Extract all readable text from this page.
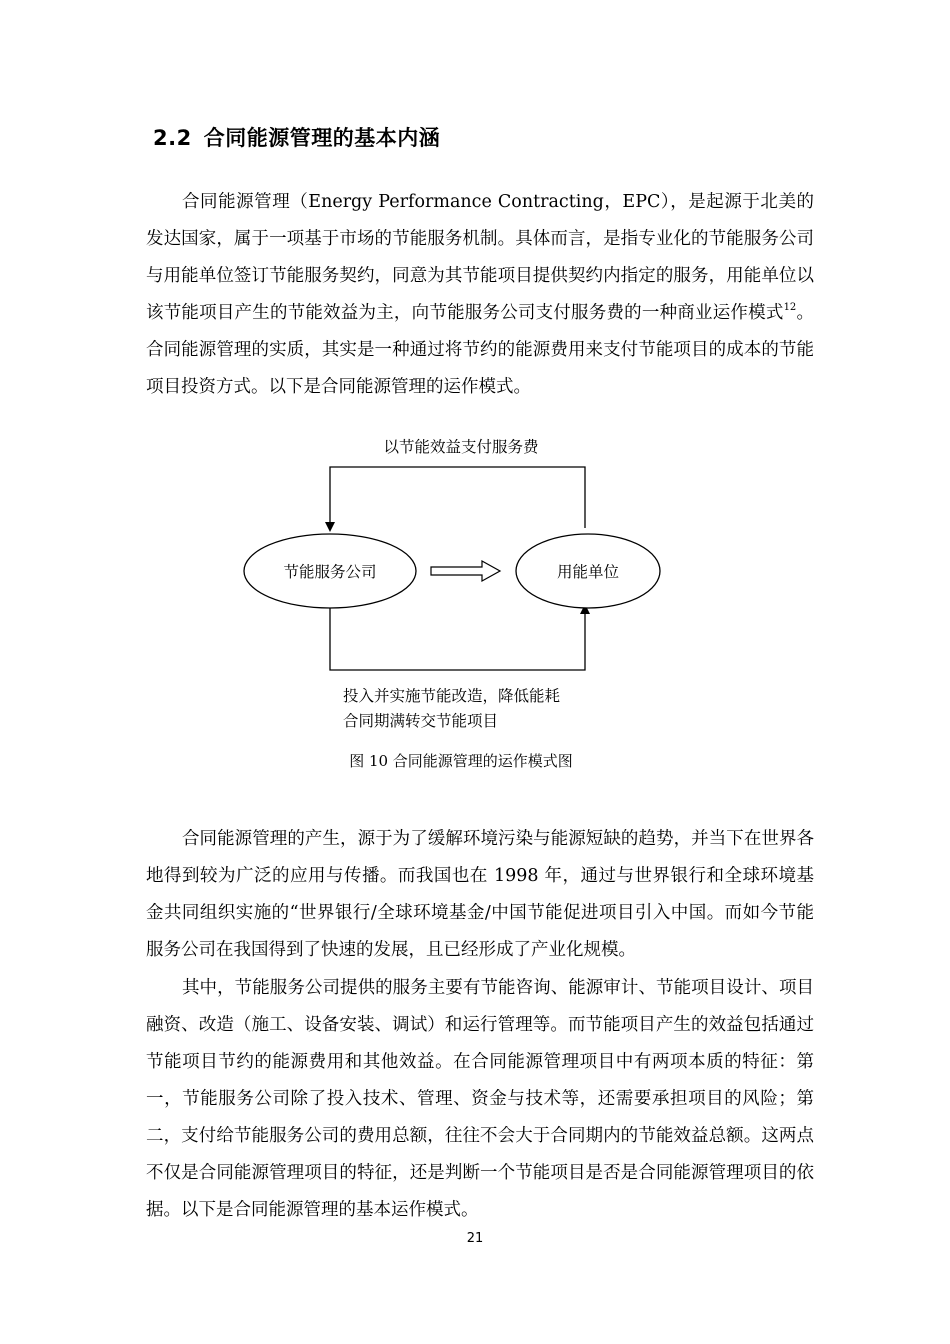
2.2 合同能源管理的基本内涵
合同能源管理（Energy Performance Contracting，EPC），是起源于北美的发达国家，属于一项基于市场的节能服务机制。具体而言，是指专业化的节能服务公司与用能单位签订节能服务契约，同意为其节能项目提供契约内指定的服务，用能单位以该节能项目产生的节能效益为主，向节能服务公司支付服务费的一种商业运作模式$^{12}$。合同能源管理的实质，其实是一种通过将节约的能源费用来支付节能项目的成本的节能项目投资方式。以下是合同能源管理的运作模式。
以节能效益支付服务费
节能服务公司	用能单位
投入并实施节能改造，降低能耗
合同期满转交节能项目
图 10 合同能源管理的运作模式图
合同能源管理的产生，源于为了缓解环境污染与能源短缺的趋势，并当下在世界各地得到较为广泛的应用与传播。而我国也在 1998 年，通过与世界银行和全球环境基金共同组织实施的“世界银行/全球环境基金/中国节能促进项目引入中国。而如今节能服务公司在我国得到了快速的发展，且已经形成了产业化规模。
其中，节能服务公司提供的服务主要有节能咨询、能源审计、节能项目设计、项目融资、改造（施工、设备安装、调试）和运行管理等。而节能项目产生的效益包括通过节能项目节约的能源费用和其他效益。在合同能源管理项目中有两项本质的特征：第一，节能服务公司除了投入技术、管理、资金与技术等，还需要承担项目的风险；第二，支付给节能服务公司的费用总额，往往不会大于合同期内的节能效益总额。这两点不仅是合同能源管理项目的特征，还是判断一个节能项目是否是合同能源管理项目的依据。以下是合同能源管理的基本运作模式。
21
